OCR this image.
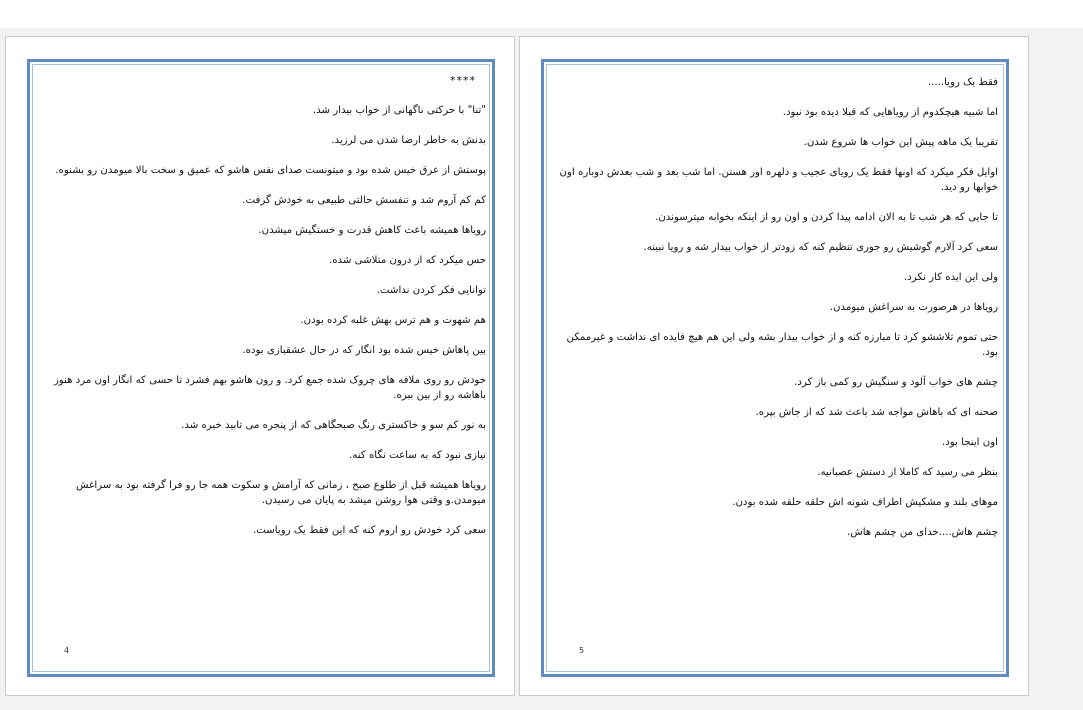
****

"تنا" با حرکتی ناگهانی از خواب بیدار شد.

بدنش به خاطر ارضا شدن می لرزید.

پوستش از عرق خیس شده بود و میتونست صدای نفس هاشو که عمیق و سخت بالا میومدن رو بشنوه.

کم کم آروم شد و تنفسش حالتی طبیعی به خودش گرفت.

رویاها همیشه باعث کاهش قدرت و خستگیش میشدن.

حس میکرد که از درون متلاشی شده.

توانایی فکر کردن نداشت.

هم شهوت و هم ترس بهش غلبه کرده بودن.

بین پاهاش خیس شده بود انگار که در حال عشقبازی بوده.

خودش رو روی ملافه های چروک شده جمع کرد. و رون هاشو بهم فشرد تا حسی که انگار اون مرد هنوز باهاشه رو از بین ببره.

به نور کم سو و خاکستری رنگ صبحگاهی که از پنجره می تابید خیره شد.

نیازی نبود که به ساعت نگاه کنه.

رویاها همیشه قبل از طلوع صبح ، زمانی که آرامش و سکوت همه جا رو فرا گرفته بود به سراغش میومدن.و وقتی هوا روشن میشد به پایان می رسیدن.

سعی کرد خودش رو اروم کنه که این فقط یک رویاست.

4

فقط یک رویا.....

اما شبیه هیچکدوم از رویاهایی که قبلا دیده بود نبود.

تقریبا یک ماهه پیش این خواب ها شروع شدن.

اوایل فکر میکرد که اونها فقط یک رویای عجیب و دلهره اور هستن. اما شب بعد و شب بعدش دوباره اون خوابها رو دید.

تا جایی که هر شب تا به الان ادامه پیدا کردن و اون رو از اینکه بخوابه میترسوندن.

سعی کرد آلارم گوشیش رو جوری تنظیم کنه که زودتر از خواب بیدار شه و رویا نبینه.

ولی این ایده کار نکرد.

رویاها در هرصورت به سراغش میومدن.

حتی تموم تلاششو کرد تا مبارزه کنه و از خواب بیدار بشه ولی این هم هیچ فایده ای نداشت و غیرممکن بود.

چشم های خواب آلود و سنگیش رو کمی باز کرد.

صحنه ای که باهاش مواجه شد باعث شد که از جاش بپره.

اون اینجا بود.

بنظر می رسید که کاملا از دستش عصبانیه.

موهای بلند و مشکیش اطراف شونه اش حلقه حلقه شده بودن.

چشم هاش....خدای من چشم هاش.

5
